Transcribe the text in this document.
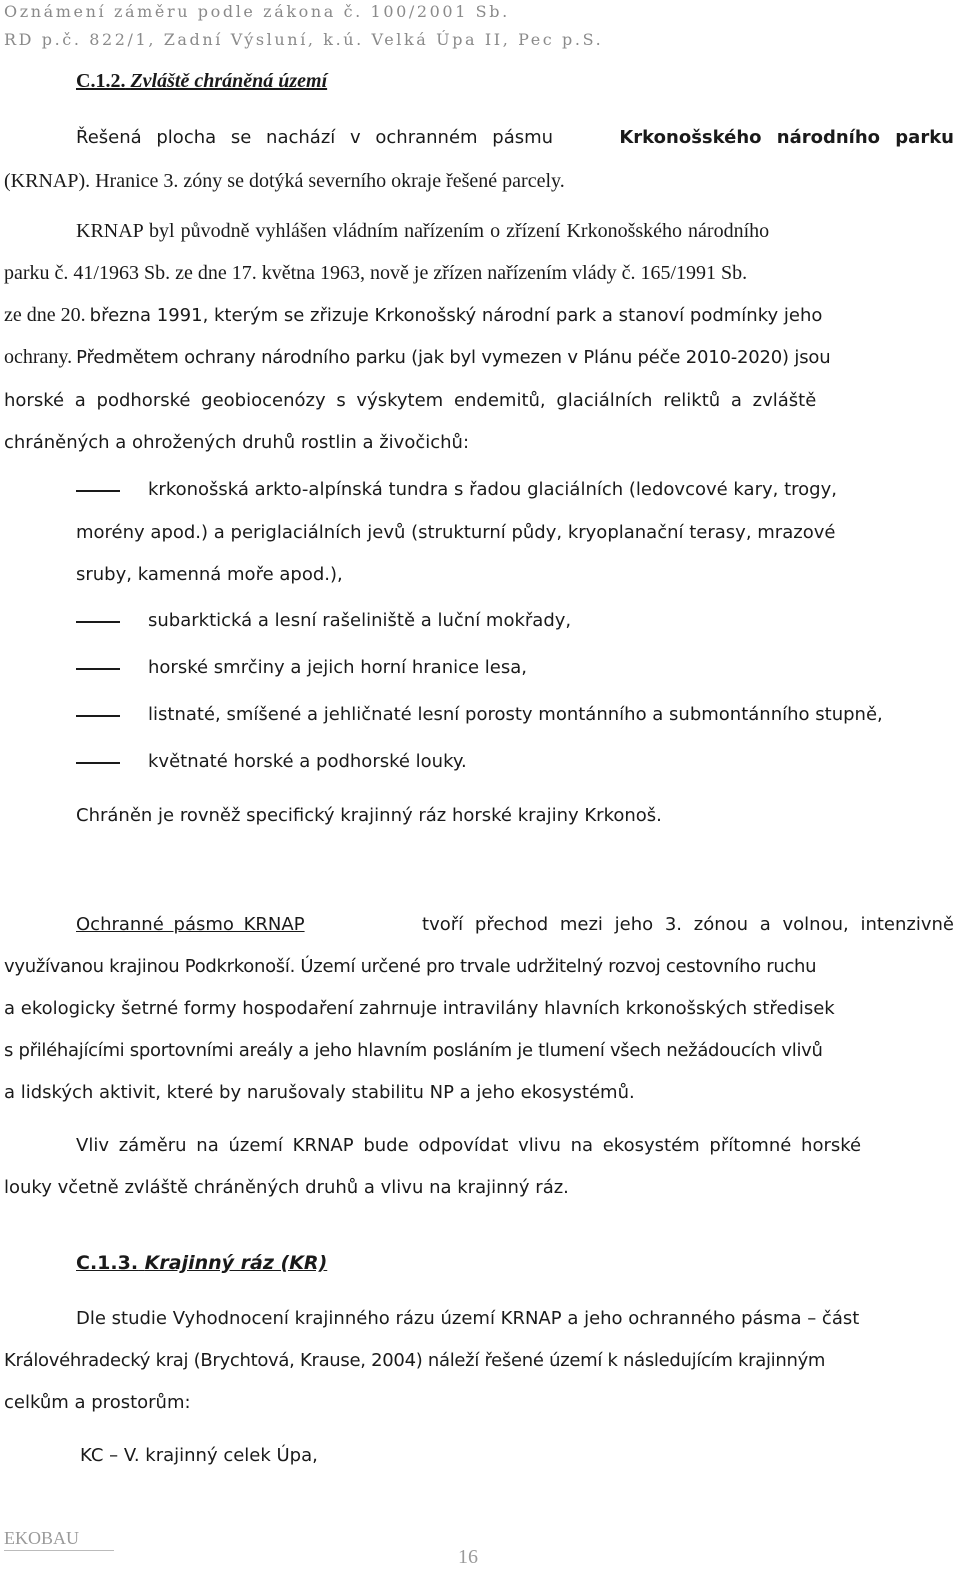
Oznámení záměru podle zákona č. 100/2001 Sb.
RD p.č. 822/1, Zadní Výsluní, k.ú. Velká Úpa II, Pec p.S.
C.1.2. Zvláště chráněná území
Řešená plocha se nachází v ochranném pásmu	Krkonošského národního parku
(KRNAP). Hranice 3. zóny se dotýká severního okraje řešené parcely.
KRNAP byl původně vyhlášen vládním nařízením o zřízení Krkonošského národního
parku č. 41/1963 Sb. ze dne 17. května 1963, nově je zřízen nařízením vlády č. 165/1991 Sb.
ze dne 20. března 1991, kterým se zřizuje Krkonošský národní park a stanoví podmínky jeho
ochrany. Předmětem ochrany národního parku (jak byl vymezen v Plánu péče 2010-2020) jsou
horské a podhorské geobiocenózy s výskytem endemitů, glaciálních reliktů a zvláště
chráněných a ohrožených druhů rostlin a živočichů:
krkonošská arkto-alpínská tundra s řadou glaciálních (ledovcové kary, trogy,
morény apod.) a periglaciálních jevů (strukturní půdy, kryoplanační terasy, mrazové
sruby, kamenná moře apod.),
subarktická a lesní rašeliniště a luční mokřady,
horské smrčiny a jejich horní hranice lesa,
listnaté, smíšené a jehličnaté lesní porosty montánního a submontánního stupně,
květnaté horské a podhorské louky.
Chráněn je rovněž specifický krajinný ráz horské krajiny Krkonoš.
Ochranné pásmo KRNAP	tvoří přechod mezi jeho 3. zónou a volnou, intenzivně
využívanou krajinou Podkrkonoší. Území určené pro trvale udržitelný rozvoj cestovního ruchu
a ekologicky šetrné formy hospodaření zahrnuje intravilány hlavních krkonošských středisek
s přiléhajícími sportovními areály a jeho hlavním posláním je tlumení všech nežádoucích vlivů
a lidských aktivit, které by narušovaly stabilitu NP a jeho ekosystémů.
Vliv záměru na území KRNAP bude odpovídat vlivu na ekosystém přítomné horské
louky včetně zvláště chráněných druhů a vlivu na krajinný ráz.
C.1.3. Krajinný ráz (KR)
Dle studie Vyhodnocení krajinného rázu území KRNAP a jeho ochranného pásma – část
Královéhradecký kraj (Brychtová, Krause, 2004) náleží řešené území k následujícím krajinným
celkům a prostorům:
KC – V. krajinný celek Úpa,
EKOBAU
16
